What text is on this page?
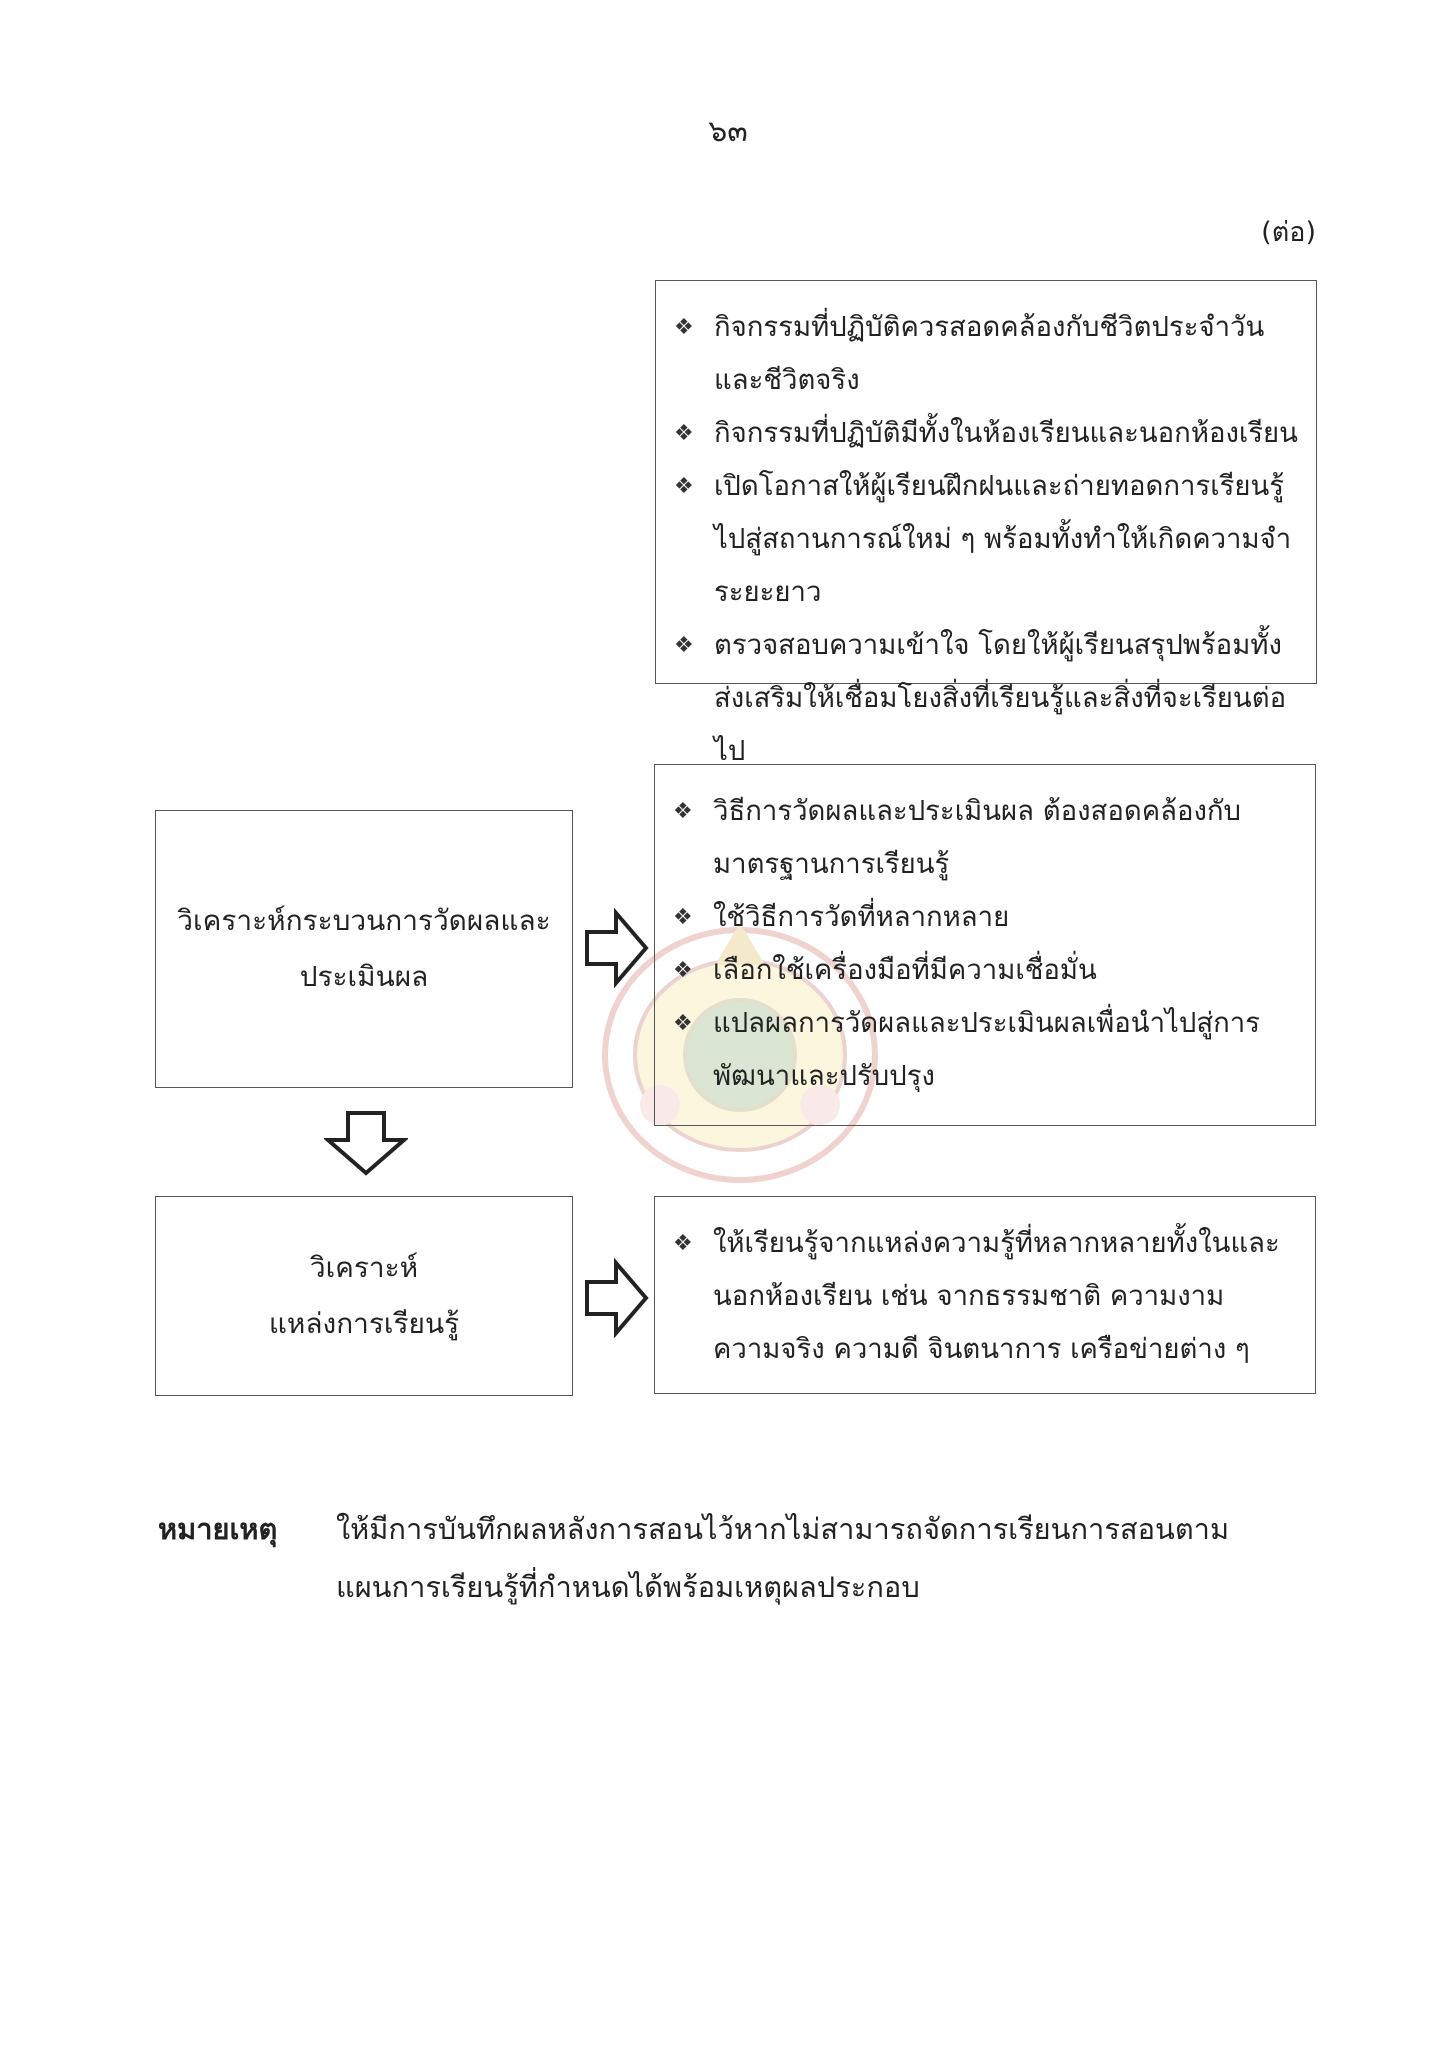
๖๓
(ต่อ)
❖ กิจกรรมที่ปฏิบัติควรสอดคล้องกับชีวิตประจำวันและชีวิตจริง
❖ กิจกรรมที่ปฏิบัติมีทั้งในห้องเรียนและนอกห้องเรียน
❖ เปิดโอกาสให้ผู้เรียนฝึกฝนและถ่ายทอดการเรียนรู้ไปสู่สถานการณ์ใหม่ ๆ พร้อมทั้งทำให้เกิดความจำระยะยาว
❖ ตรวจสอบความเข้าใจ โดยให้ผู้เรียนสรุปพร้อมทั้งส่งเสริมให้เชื่อมโยงสิ่งที่เรียนรู้และสิ่งที่จะเรียนต่อไป
วิเคราะห์กระบวนการวัดผลและ
ประเมินผล
❖ วิธีการวัดผลและประเมินผล ต้องสอดคล้องกับมาตรฐานการเรียนรู้
❖ ใช้วิธีการวัดที่หลากหลาย
❖ เลือกใช้เครื่องมือที่มีความเชื่อมั่น
❖ แปลผลการวัดผลและประเมินผลเพื่อนำไปสู่การพัฒนาและปรับปรุง
วิเคราะห์
แหล่งการเรียนรู้
❖ ให้เรียนรู้จากแหล่งความรู้ที่หลากหลายทั้งในและนอกห้องเรียน เช่น จากธรรมชาติ ความงาม ความจริง ความดี จินตนาการ เครือข่ายต่าง ๆ
หมายเหตุ ให้มีการบันทึกผลหลังการสอนไว้หากไม่สามารถจัดการเรียนการสอนตามแผนการเรียนรู้ที่กำหนดได้พร้อมเหตุผลประกอบ
